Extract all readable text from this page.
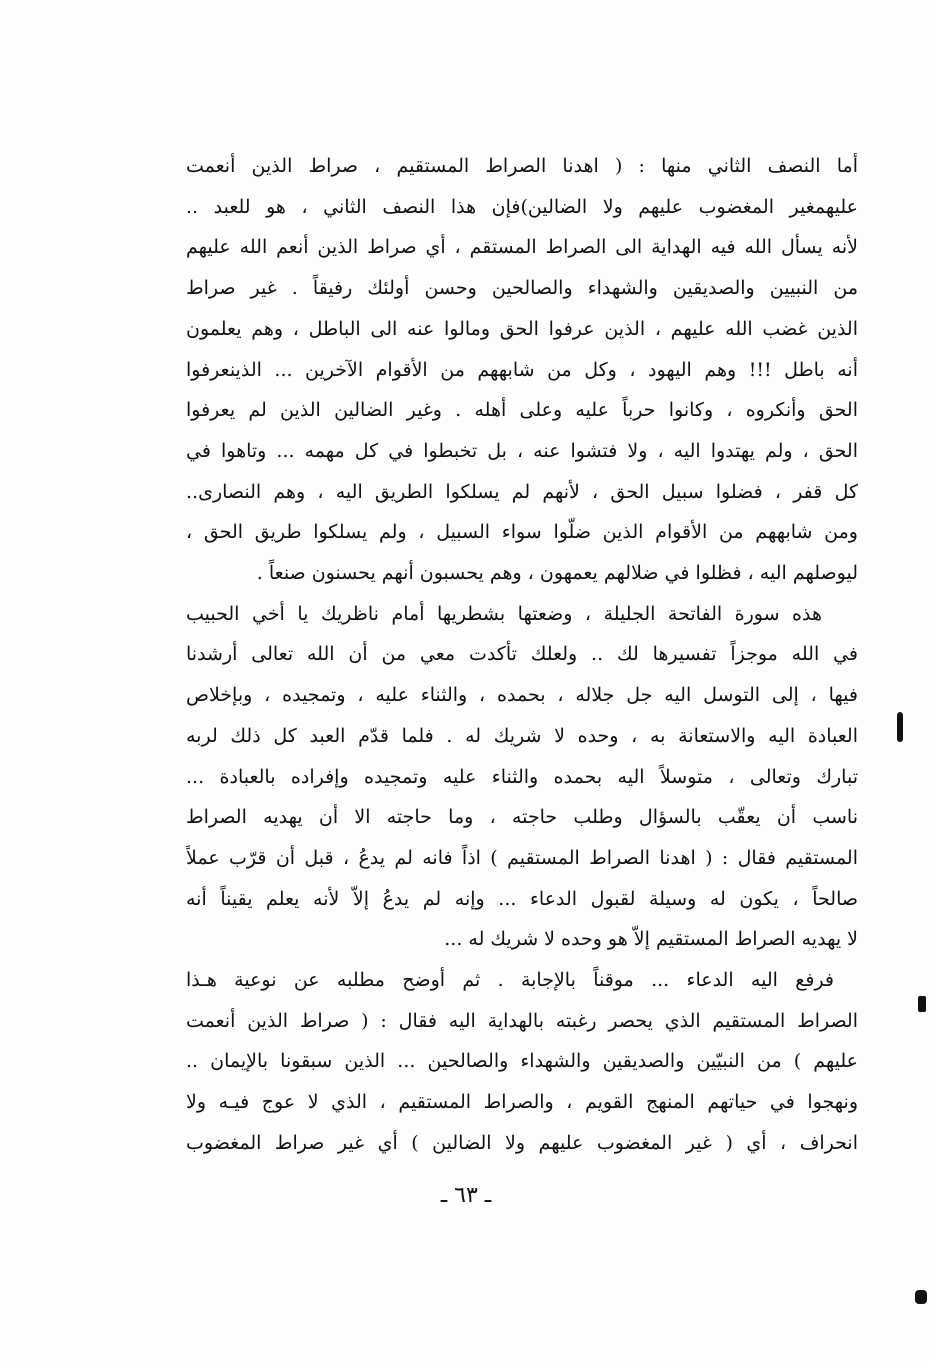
أما النصف الثاني منها : ( اهدنا الصراط المستقيم ، صراط الذين أنعمت
عليهمغير المغضوب عليهم ولا الضالين)فإن هذا النصف الثاني ، هو للعبد ..
لأنه يسأل الله فيه الهداية الى الصراط المستقم ، أي صراط الذين أنعم الله عليهم
من النبيين والصديقين والشهداء والصالحين وحسن أولئك رفيقاً . غير صراط
الذين غضب الله عليهم ، الذين عرفوا الحق ومالوا عنه الى الباطل ، وهم يعلمون
أنه باطل !!! وهم اليهود ، وكل من شابههم من الأقوام الآخرين ... الذينعرفوا
الحق وأنكروه ، وكانوا حرباً عليه وعلى أهله . وغير الضالين الذين لم يعرفوا
الحق ، ولم يهتدوا اليه ، ولا فتشوا عنه ، بل تخبطوا في كل مهمه ... وتاهوا في
كل قفر ، فضلوا سبيل الحق ، لأنهم لم يسلكوا الطريق اليه ، وهم النصارى..
ومن شابههم من الأقوام الذين ضلّوا سواء السبيل ، ولم يسلكوا طريق الحق ،
ليوصلهم اليه ، فظلوا في ضلالهم يعمهون ، وهم يحسبون أنهم يحسنون صنعاً .
هذه سورة الفاتحة الجليلة ، وضعتها بشطريها أمام ناظريك يا أخي الحبيب
في الله موجزاً تفسيرها لك .. ولعلك تأكدت معي من أن الله تعالى أرشدنا
فيها ، إلى التوسل اليه جل جلاله ، بحمده ، والثناء عليه ، وتمجيده ، وبإخلاص
العبادة اليه والاستعانة به ، وحده لا شريك له . فلما قدّم العبد كل ذلك لربه
تبارك وتعالى ، متوسلاً اليه بحمده والثناء عليه وتمجيده وإفراده بالعبادة ...
ناسب أن يعقّب بالسؤال وطلب حاجته ، وما حاجته الا أن يهديه الصراط
المستقيم فقال : ( اهدنا الصراط المستقيم ) اذاً فانه لم يدعُ ، قبل أن قرّب عملاً
صالحاً ، يكون له وسيلة لقبول الدعاء ... وإنه لم يدعُ إلاّ لأنه يعلم يقيناً أنه
لا يهديه الصراط المستقيم إلاّ هو وحده لا شريك له ...
فرفع اليه الدعاء ... موقناً بالإجابة . ثم أوضح مطلبه عن نوعية هـذا
الصراط المستقيم الذي يحصر رغبته بالهداية اليه فقال : ( صراط الذين أنعمت
عليهم ) من النبيّين والصديقين والشهداء والصالحين ... الذين سبقونا بالإيمان ..
ونهجوا في حياتهم المنهج القويم ، والصراط المستقيم ، الذي لا عوج فيـه ولا
انحراف ، أي ( غير المغضوب عليهم ولا الضالين ) أي غير صراط المغضوب
ـ ٦٣ ـ
